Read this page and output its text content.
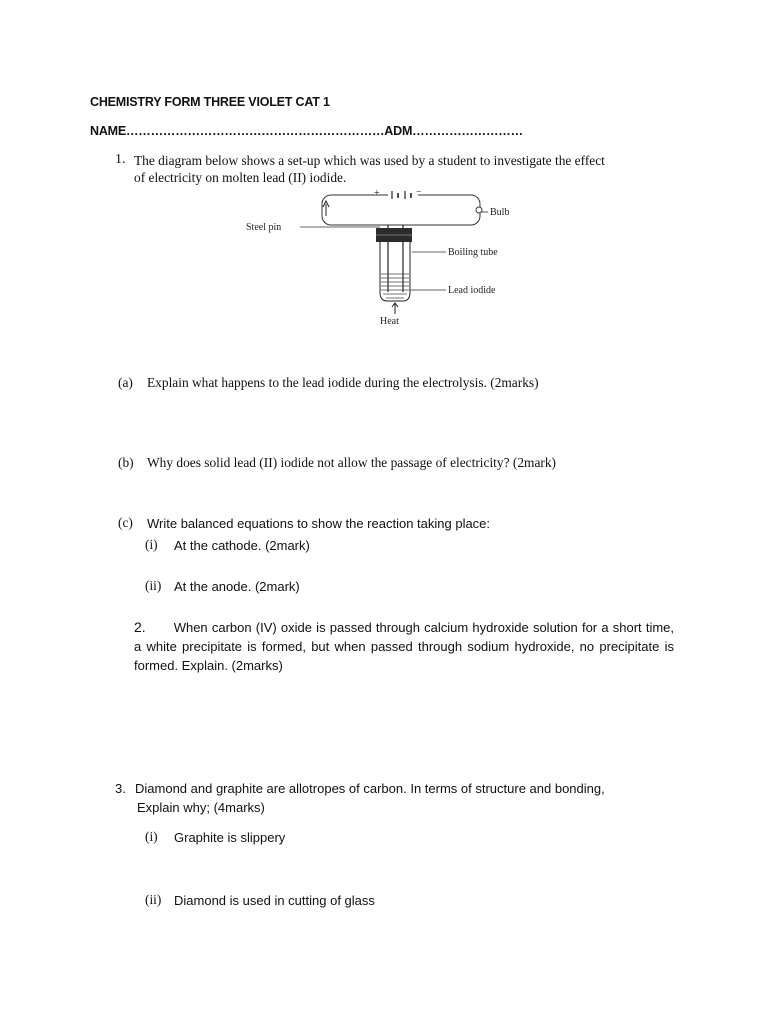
CHEMISTRY FORM THREE VIOLET CAT 1
NAME………………………………………………………ADM………………………
1. The diagram below shows a set-up which was used by a student to investigate the effect
of electricity on molten lead (II) iodide.
+	−
Bulb
Steel pin
Boiling tube
Lead iodide
Heat
(a) Explain what happens to the lead iodide during the electrolysis. (2marks)
(b) Why does solid lead (II) iodide not allow the passage of electricity? (2mark)
(c) Write balanced equations to show the reaction taking place:
(i) At the cathode. (2mark)
(ii) At the anode. (2mark)
2. When carbon (IV) oxide is passed through calcium hydroxide solution for a short time, a white precipitate is formed, but when passed through sodium hydroxide, no precipitate is formed. Explain. (2marks)
3. Diamond and graphite are allotropes of carbon. In terms of structure and bonding,
Explain why; (4marks)
(i) Graphite is slippery
(ii) Diamond is used in cutting of glass
